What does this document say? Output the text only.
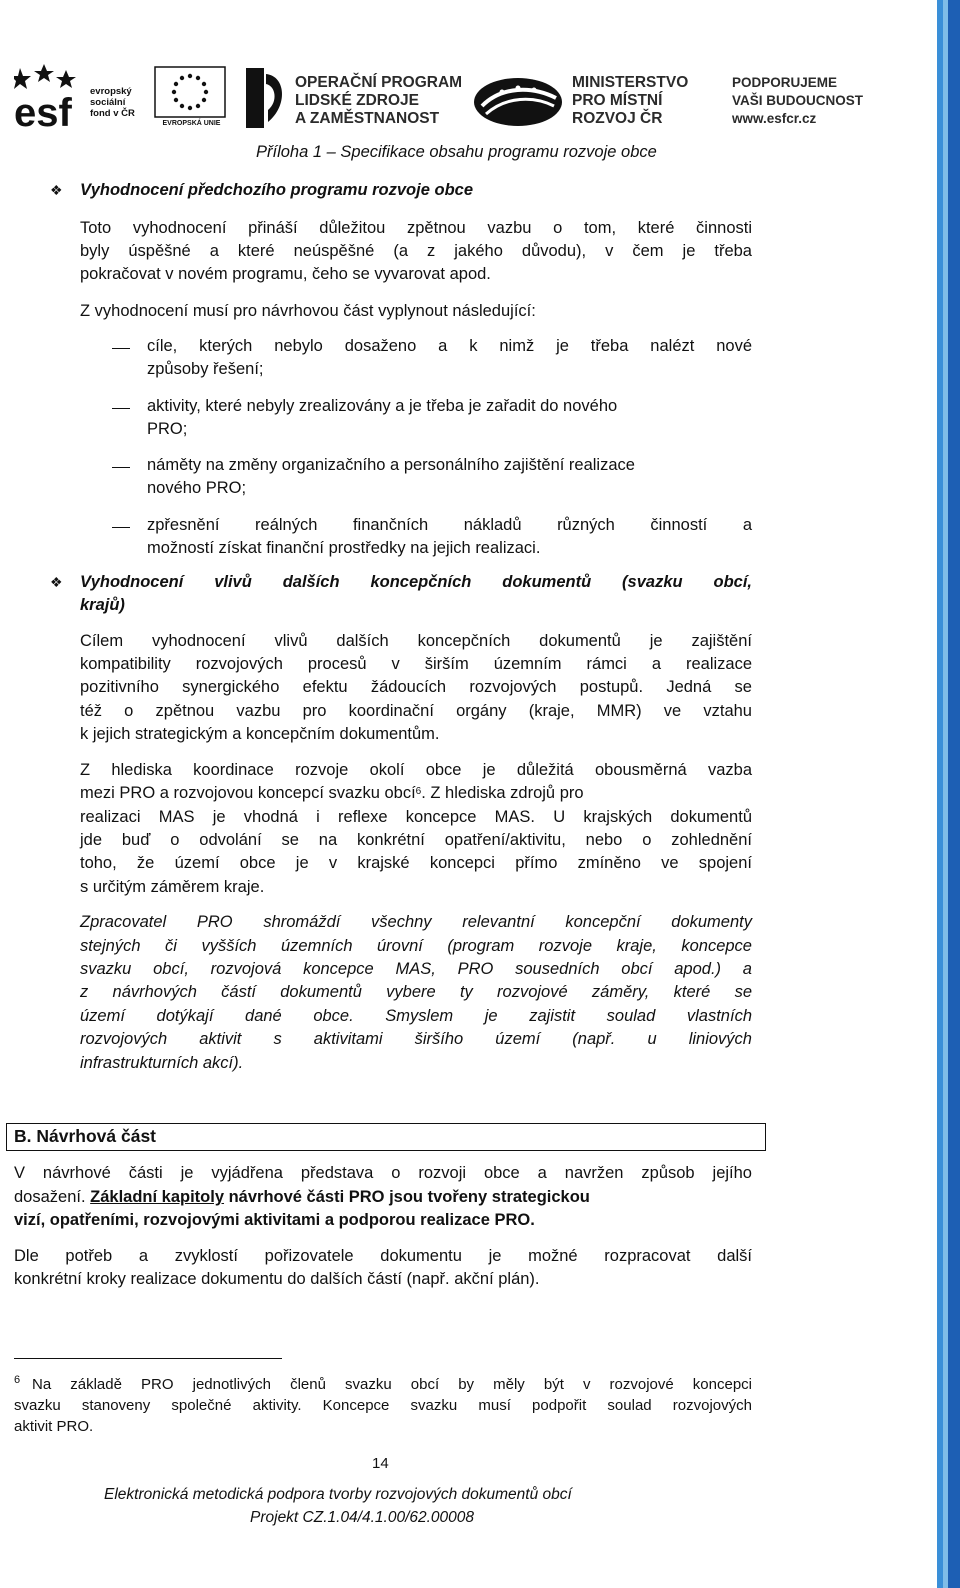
esf evropský
sociální
fond v ČR
EVROPSKÁ UNIE
OPERAČNÍ PROGRAM
LIDSKÉ ZDROJE
A ZAMĚSTNANOST
MINISTERSTVO
PRO MÍSTNÍ
ROZVOJ ČR
PODPORUJEME
VAŠI BUDOUCNOST
www.esfcr.cz
Příloha 1 – Specifikace obsahu programu rozvoje obce
❖ Vyhodnocení předchozího programu rozvoje obce
Toto vyhodnocení přináší důležitou zpětnou vazbu o tom, které činnosti
byly úspěšné a které neúspěšné (a z jakého důvodu), v čem je třeba
pokračovat v novém programu, čeho se vyvarovat apod.
Z vyhodnocení musí pro návrhovou část vyplynout následující:
cíle, kterých nebylo dosaženo a k nimž je třeba nalézt nové
způsoby řešení;
aktivity, které nebyly zrealizovány a je třeba je zařadit do nového
PRO;
náměty na změny organizačního a personálního zajištění realizace
nového PRO;
zpřesnění reálných finančních nákladů různých činností a
možností získat finanční prostředky na jejich realizaci.
❖ Vyhodnocení vlivů dalších koncepčních dokumentů (svazku obcí,
krajů)
Cílem vyhodnocení vlivů dalších koncepčních dokumentů je zajištění
kompatibility rozvojových procesů v širším územním rámci a realizace
pozitivního synergického efektu žádoucích rozvojových postupů. Jedná se
též o zpětnou vazbu pro koordinační orgány (kraje, MMR) ve vztahu
k jejich strategickým a koncepčním dokumentům.
Z hlediska koordinace rozvoje okolí obce je důležitá obousměrná vazba
mezi PRO a rozvojovou koncepcí svazku obcí$^6$. Z hlediska zdrojů pro
realizaci MAS je vhodná i reflexe koncepce MAS. U krajských dokumentů
jde buď o odvolání se na konkrétní opatření/aktivitu, nebo o zohlednění
toho, že území obce je v krajské koncepci přímo zmíněno ve spojení
s určitým záměrem kraje.
Zpracovatel PRO shromáždí všechny relevantní koncepční dokumenty
stejných či vyšších územních úrovní (program rozvoje kraje, koncepce
svazku obcí, rozvojová koncepce MAS, PRO sousedních obcí apod.) a
z návrhových částí dokumentů vybere ty rozvojové záměry, které se
území dotýkají dané obce. Smyslem je zajistit soulad vlastních
rozvojových aktivit s aktivitami širšího území (např. u liniových
infrastrukturních akcí).
B. Návrhová část
V návrhové části je vyjádřena představa o rozvoji obce a navržen způsob jejího
dosažení. Základní kapitoly návrhové části PRO jsou tvořeny strategickou
vizí, opatřeními, rozvojovými aktivitami a podporou realizace PRO.
Dle potřeb a zvyklostí pořizovatele dokumentu je možné rozpracovat další
konkrétní kroky realizace dokumentu do dalších částí (např. akční plán).
6 Na základě PRO jednotlivých členů svazku obcí by měly být v rozvojové koncepci
svazku stanoveny společné aktivity. Koncepce svazku musí podpořit soulad rozvojových
aktivit PRO.
14
Elektronická metodická podpora tvorby rozvojových dokumentů obcí
Projekt CZ.1.04/4.1.00/62.00008
